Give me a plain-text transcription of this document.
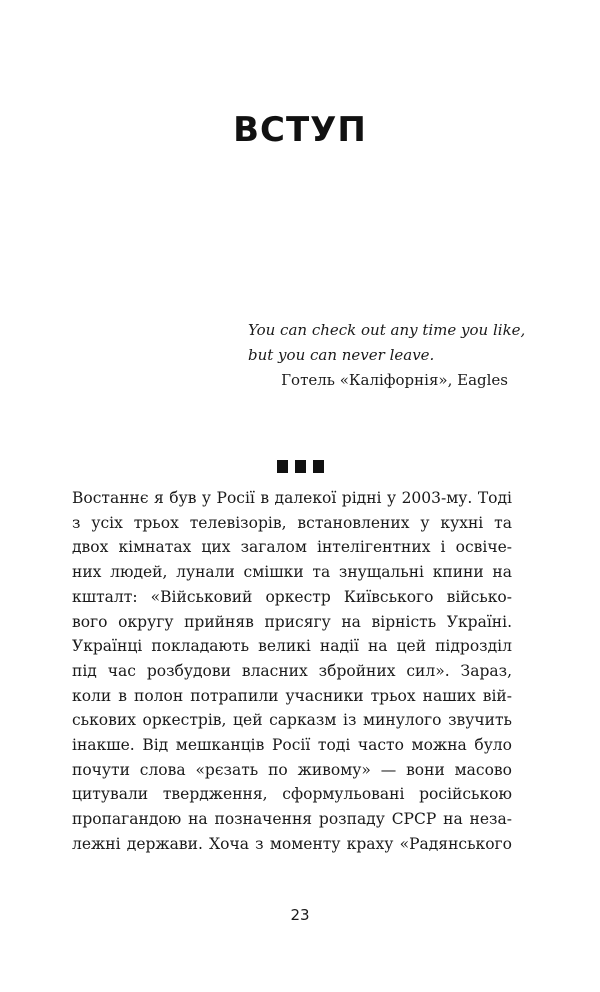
ВСТУП
You can check out any time you like,
but you can never leave.
Готель «Каліфорнія», Eagles
Востаннє я був у Росії в далекої рідні у 2003-му. Тоді
з усіх трьох телевізорів, встановлених у кухні та
двох кімнатах цих загалом інтелігентних і освіче-
них людей, лунали смішки та знущальні кпини на
кшталт: «Військовий оркестр Київського військо-
вого округу прийняв присягу на вірність Україні.
Українці покладають великі надії на цей підрозділ
під час розбудови власних збройних сил». Зараз,
коли в полон потрапили учасники трьох наших вій-
ськових оркестрів, цей сарказм із минулого звучить
інакше. Від мешканців Росії тоді часто можна було
почути слова «рєзать по живому» — вони масово
цитували твердження, сформульовані російською
пропагандою на позначення розпаду СРСР на неза-
лежні держави. Хоча з моменту краху «Радянського
23
